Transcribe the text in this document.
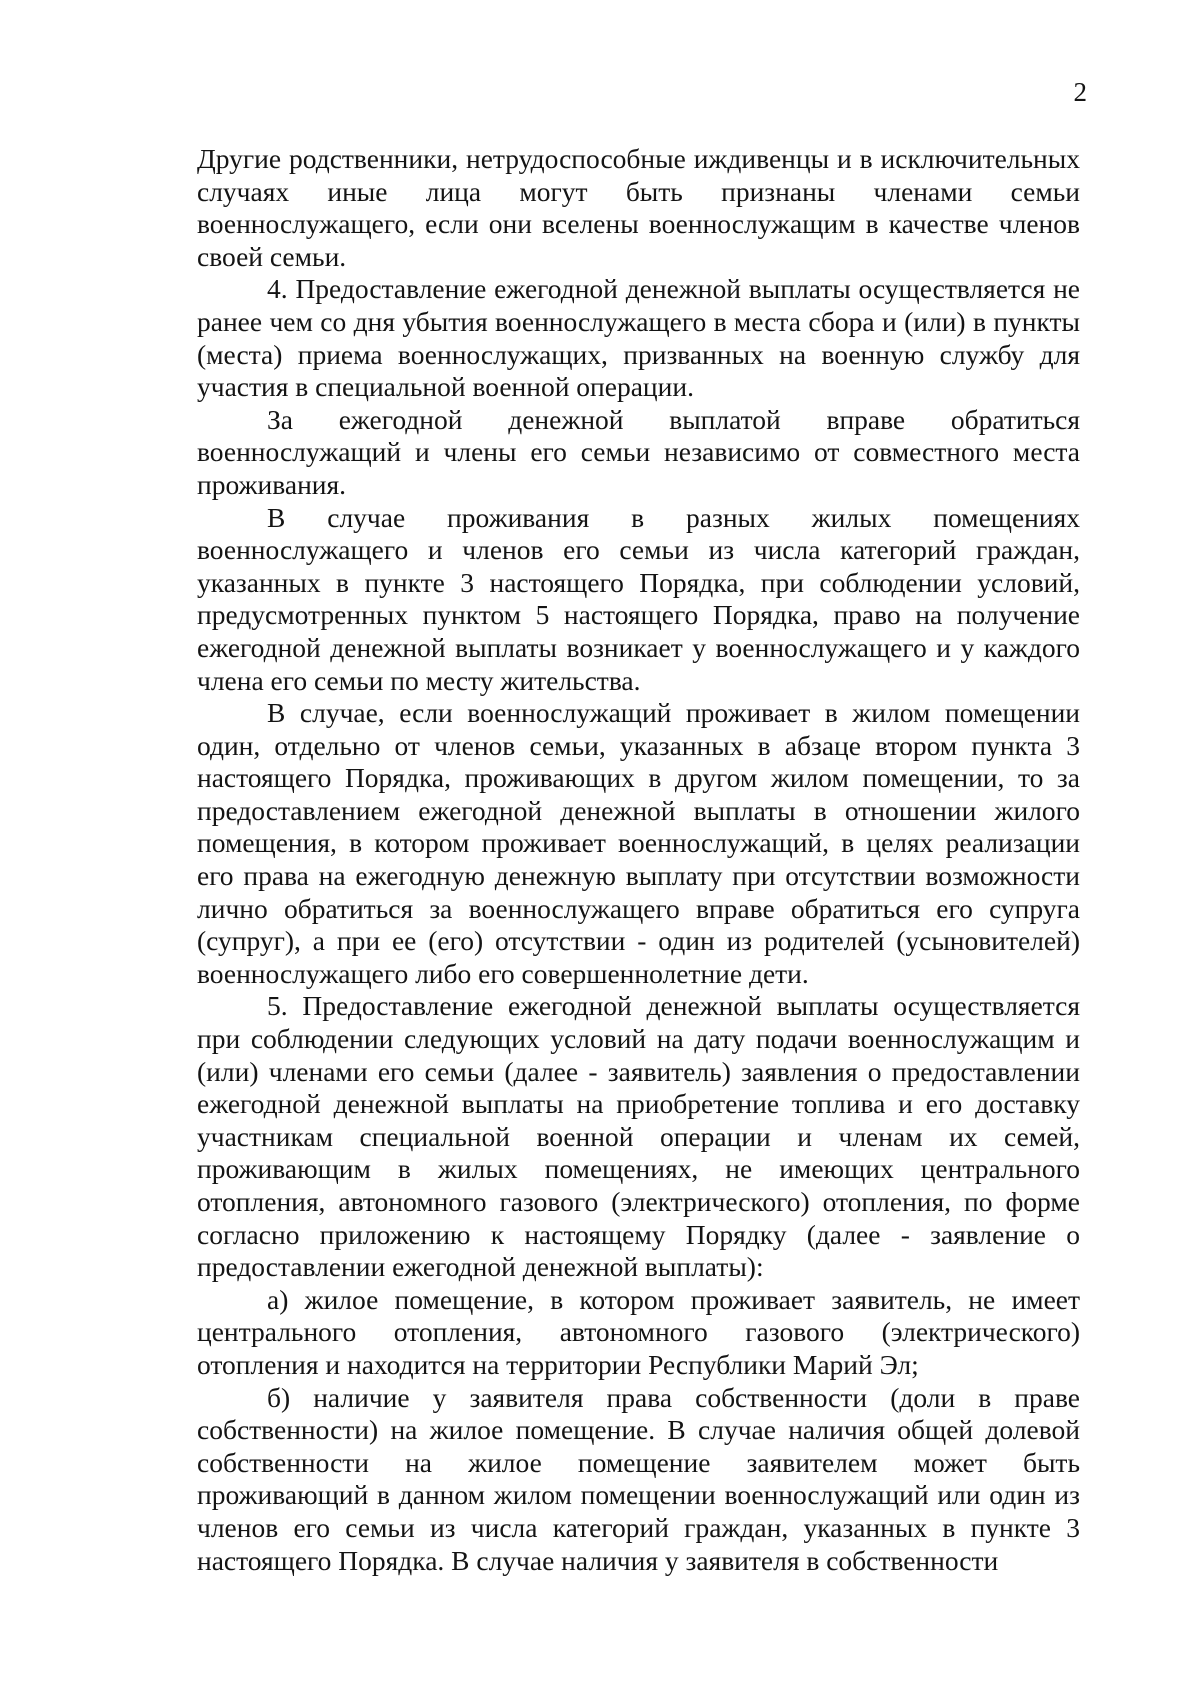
2

Другие родственники, нетрудоспособные иждивенцы и в исключительных случаях иные лица могут быть признаны членами семьи военнослужащего, если они вселены военнослужащим в качестве членов своей семьи.

4. Предоставление ежегодной денежной выплаты осуществляется не ранее чем со дня убытия военнослужащего в места сбора и (или) в пункты (места) приема военнослужащих, призванных на военную службу для участия в специальной военной операции.

За ежегодной денежной выплатой вправе обратиться военнослужащий и члены его семьи независимо от совместного места проживания.

В случае проживания в разных жилых помещениях военнослужащего и членов его семьи из числа категорий граждан, указанных в пункте 3 настоящего Порядка, при соблюдении условий, предусмотренных пунктом 5 настоящего Порядка, право на получение ежегодной денежной выплаты возникает у военнослужащего и у каждого члена его семьи по месту жительства.

В случае, если военнослужащий проживает в жилом помещении один, отдельно от членов семьи, указанных в абзаце втором пункта 3 настоящего Порядка, проживающих в другом жилом помещении, то за предоставлением ежегодной денежной выплаты в отношении жилого помещения, в котором проживает военнослужащий, в целях реализации его права на ежегодную денежную выплату при отсутствии возможности лично обратиться за военнослужащего вправе обратиться его супруга (супруг), а при ее (его) отсутствии - один из родителей (усыновителей) военнослужащего либо его совершеннолетние дети.

5. Предоставление ежегодной денежной выплаты осуществляется при соблюдении следующих условий на дату подачи военнослужащим и (или) членами его семьи (далее - заявитель) заявления о предоставлении ежегодной денежной выплаты на приобретение топлива и его доставку участникам специальной военной операции и членам их семей, проживающим в жилых помещениях, не имеющих центрального отопления, автономного газового (электрического) отопления, по форме согласно приложению к настоящему Порядку (далее - заявление о предоставлении ежегодной денежной выплаты):

а) жилое помещение, в котором проживает заявитель, не имеет центрального отопления, автономного газового (электрического) отопления и находится на территории Республики Марий Эл;

б) наличие у заявителя права собственности (доли в праве собственности) на жилое помещение. В случае наличия общей долевой собственности на жилое помещение заявителем может быть проживающий в данном жилом помещении военнослужащий или один из членов его семьи из числа категорий граждан, указанных в пункте 3 настоящего Порядка. В случае наличия у заявителя в собственности
